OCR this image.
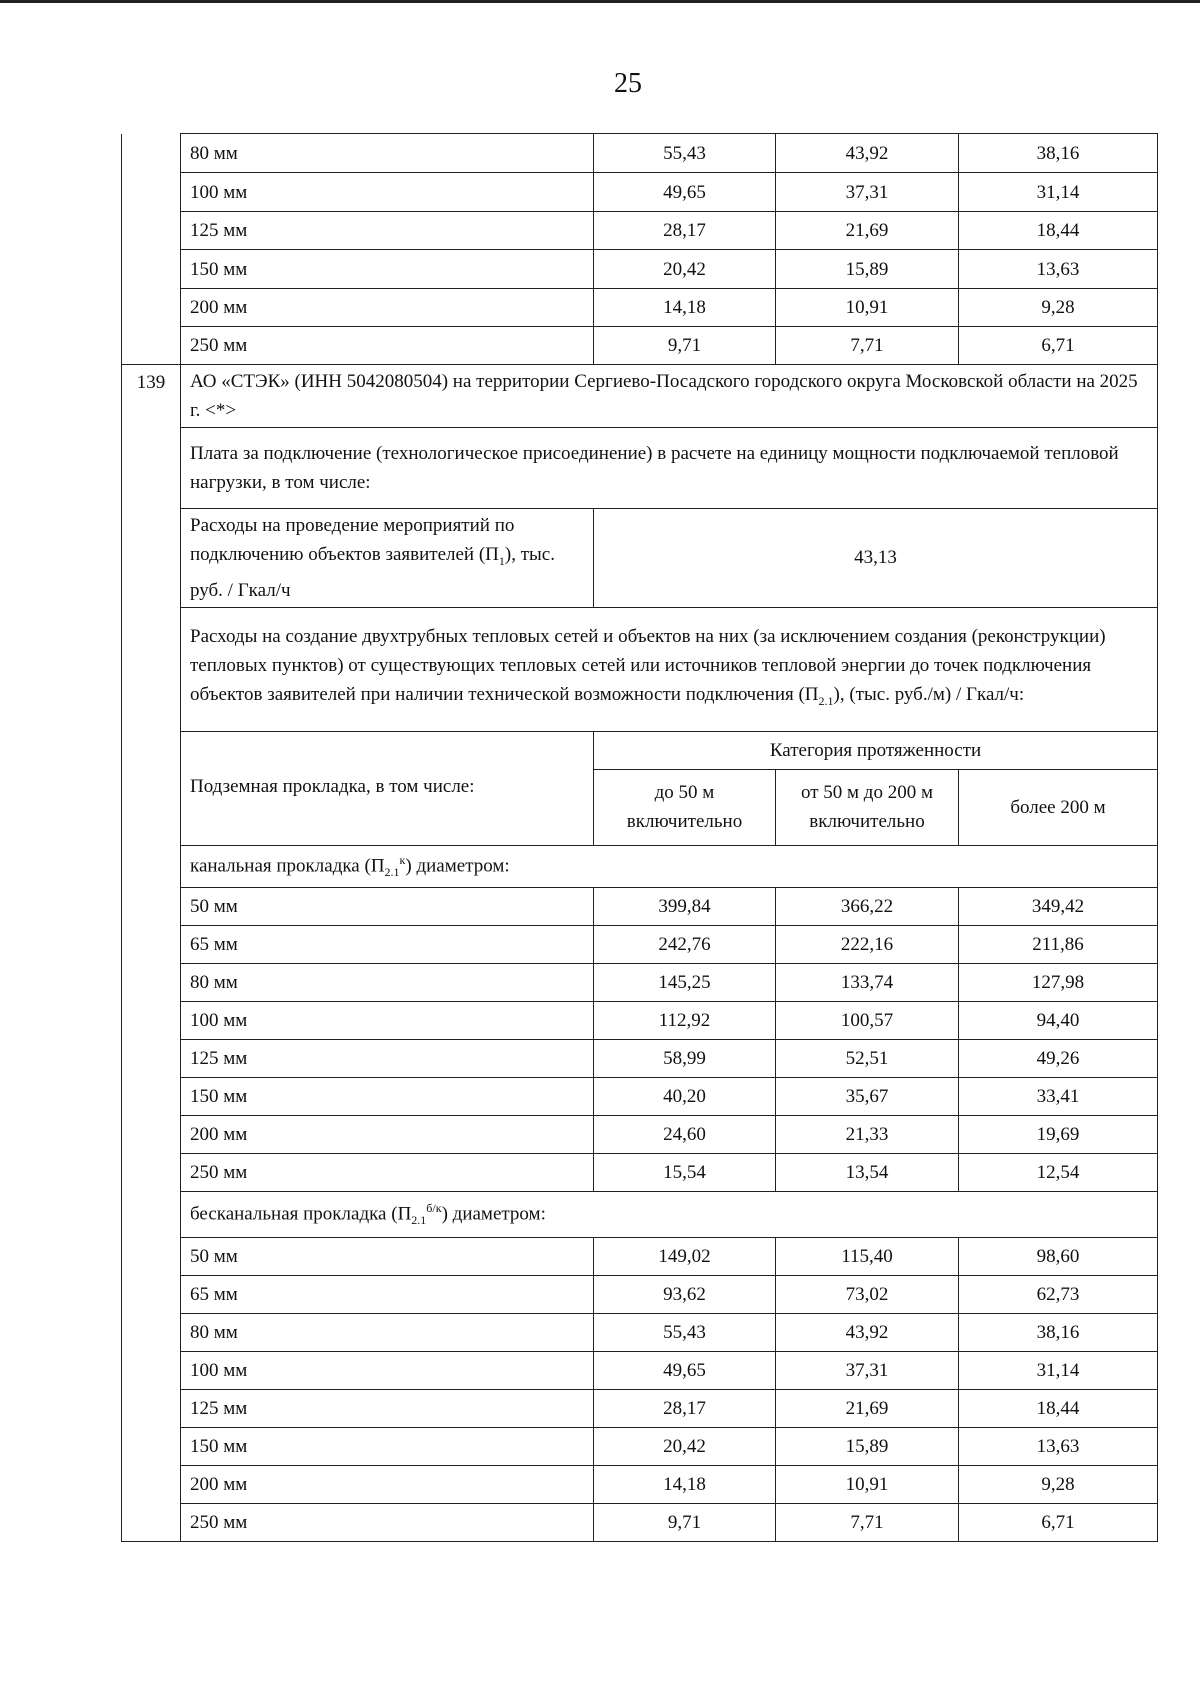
25

	80 мм	55,43	43,92	38,16
	100 мм	49,65	37,31	31,14
	125 мм	28,17	21,69	18,44
	150 мм	20,42	15,89	13,63
	200 мм	14,18	10,91	9,28
	250 мм	9,71	7,71	6,71
139	АО «СТЭК» (ИНН 5042080504) на территории Сергиево-Посадского городского округа Московской области на 2025 г. <*>			
	Плата за подключение (технологическое присоединение) в расчете на единицу мощности подключаемой тепловой нагрузки, в том числе:			
	Расходы на проведение мероприятий по подключению объектов заявителей $(П_1)$, тыс. руб. / Гкал/ч	43,13		
	Расходы на создание двухтрубных тепловых сетей и объектов на них (за исключением создания (реконструкции) тепловых пунктов) от существующих тепловых сетей или источников тепловой энергии до точек подключения объектов заявителей при наличии технической возможности подключения $(П_{2.1})$, (тыс. руб./м) / Гкал/ч:			
	Подземная прокладка, в том числе:	Категория протяженности		
		до 50 м включительно	от 50 м до 200 м включительно	более 200 м
	канальная прокладка $(П_{2.1}^к)$ диаметром:			
	50 мм	399,84	366,22	349,42
	65 мм	242,76	222,16	211,86
	80 мм	145,25	133,74	127,98
	100 мм	112,92	100,57	94,40
	125 мм	58,99	52,51	49,26
	150 мм	40,20	35,67	33,41
	200 мм	24,60	21,33	19,69
	250 мм	15,54	13,54	12,54
	бесканальная прокладка $(П_{2.1}^{б/к})$ диаметром:			
	50 мм	149,02	115,40	98,60
	65 мм	93,62	73,02	62,73
	80 мм	55,43	43,92	38,16
	100 мм	49,65	37,31	31,14
	125 мм	28,17	21,69	18,44
	150 мм	20,42	15,89	13,63
	200 мм	14,18	10,91	9,28
	250 мм	9,71	7,71	6,71
